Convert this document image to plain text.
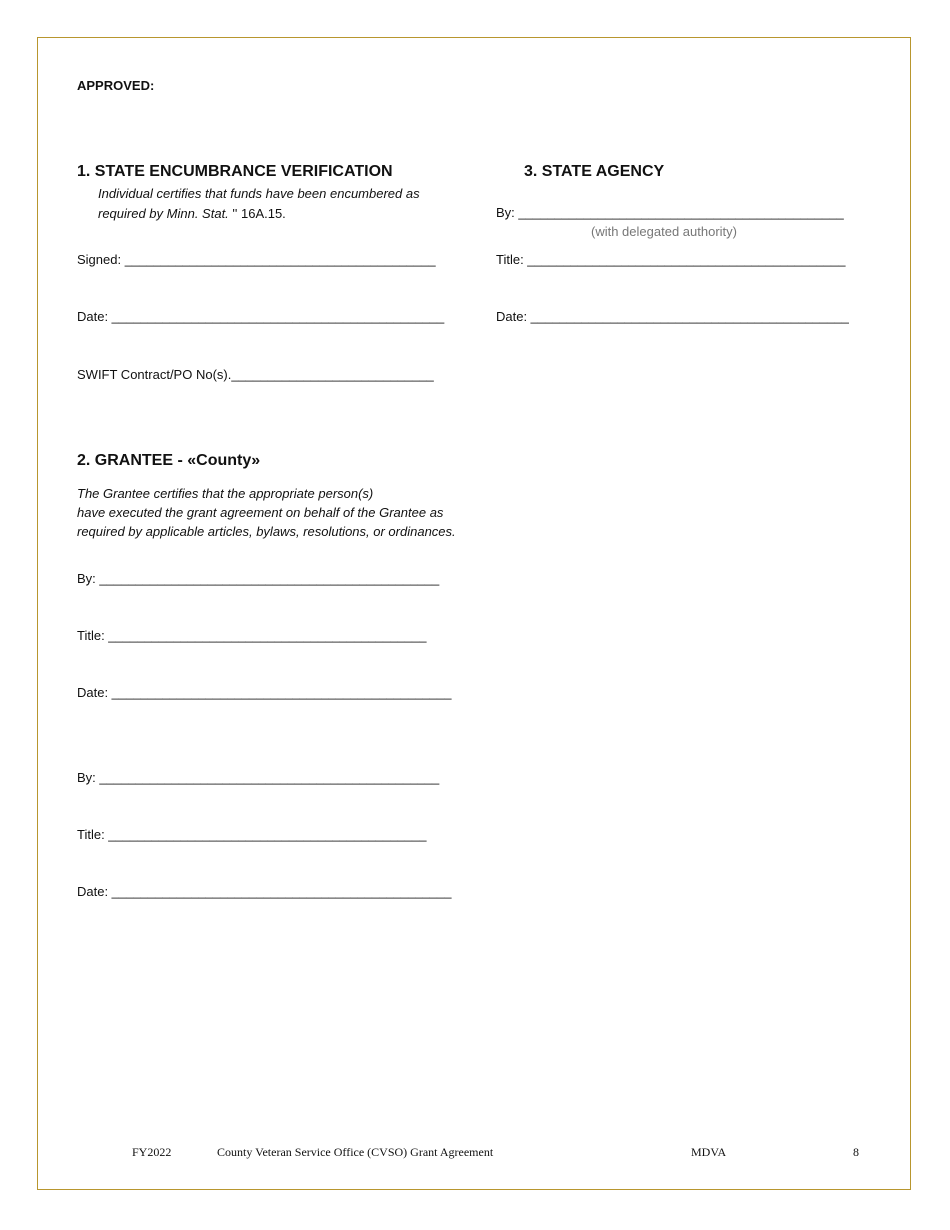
APPROVED:
1. STATE ENCUMBRANCE VERIFICATION
Individual certifies that funds have been encumbered as
required by Minn. Stat. '' 16A.15.
Signed: ___________________________________________
Date: ______________________________________________
SWIFT Contract/PO No(s).____________________________
3. STATE AGENCY
By: _____________________________________________
(with delegated authority)
Title: ____________________________________________
Date: ____________________________________________
2. GRANTEE - «County»
The Grantee certifies that the appropriate person(s)
have executed the grant agreement on behalf of the Grantee as
required by applicable articles, bylaws, resolutions, or ordinances.
By: _______________________________________________
Title: ____________________________________________
Date: _______________________________________________
By: _______________________________________________
Title: ____________________________________________
Date: _______________________________________________
FY2022	County Veteran Service Office (CVSO) Grant Agreement	MDVA	8
